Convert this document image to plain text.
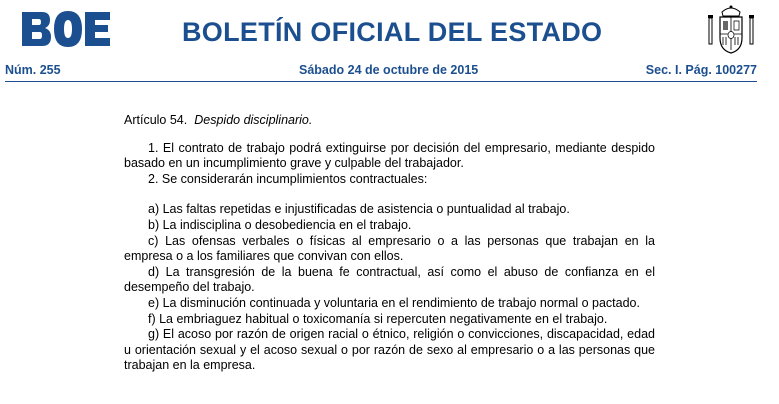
BOLETÍN OFICIAL DEL ESTADO
Núm. 255	Sábado 24 de octubre de 2015	Sec. I. Pág. 100277
Artículo 54. Despido disciplinario.

1. El contrato de trabajo podrá extinguirse por decisión del empresario, mediante despido basado en un incumplimiento grave y culpable del trabajador.

2. Se considerarán incumplimientos contractuales:

a) Las faltas repetidas e injustificadas de asistencia o puntualidad al trabajo.

b) La indisciplina o desobediencia en el trabajo.

c) Las ofensas verbales o físicas al empresario o a las personas que trabajan en la empresa o a los familiares que convivan con ellos.

d) La transgresión de la buena fe contractual, así como el abuso de confianza en el desempeño del trabajo.

e) La disminución continuada y voluntaria en el rendimiento de trabajo normal o pactado.

f) La embriaguez habitual o toxicomanía si repercuten negativamente en el trabajo.

g) El acoso por razón de origen racial o étnico, religión o convicciones, discapacidad, edad u orientación sexual y el acoso sexual o por razón de sexo al empresario o a las personas que trabajan en la empresa.
